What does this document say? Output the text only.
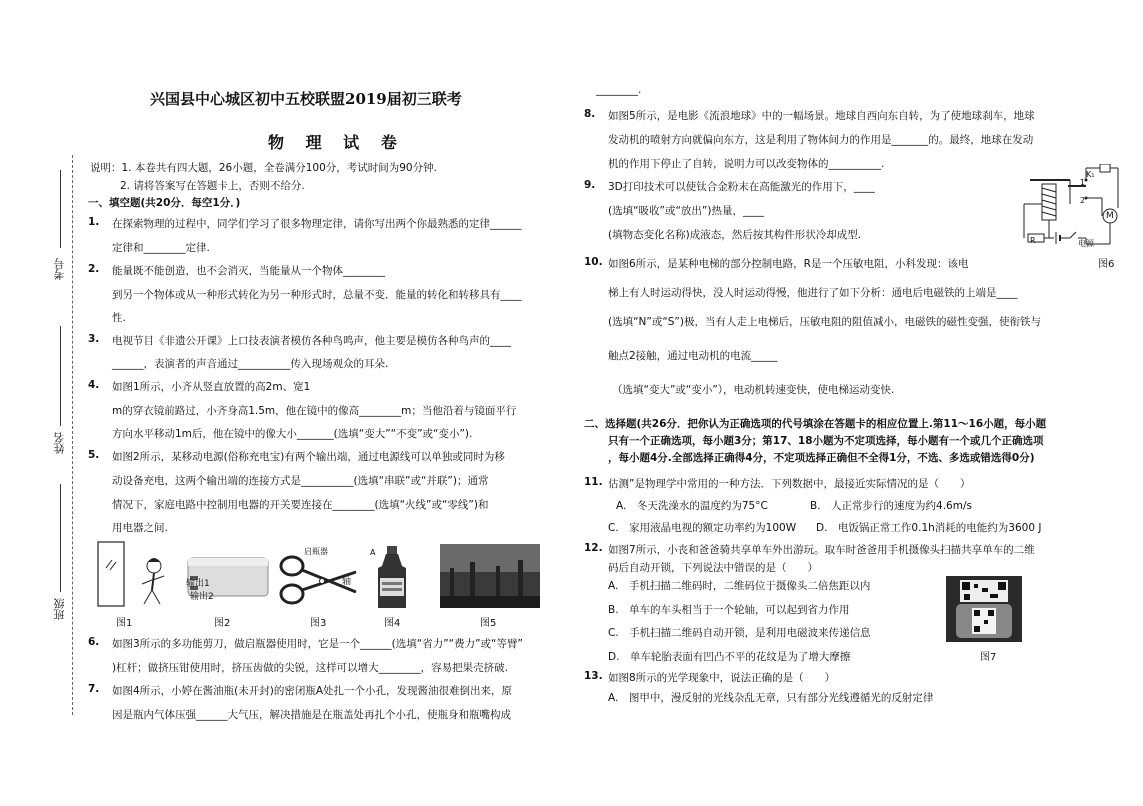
考号
姓名
班级
兴国县中心城区初中五校联盟2019届初三联考
物 理 试 卷
说明：1. 本卷共有四大题，26小题，全卷满分100分，考试时间为90分钟.
2. 请将答案写在答题卡上，否则不给分.
一、填空题(共20分．每空1分．)
1. 在探索物理的过程中，同学们学习了很多物理定律，请你写出两个你最熟悉的定律______
定律和________定律.
2. 能量既不能创造，也不会消灭，当能量从一个物体________
到另一个物体或从一种形式转化为另一种形式时，总量不变．能量的转化和转移具有____
性.
3. 电视节目《非遗公开课》上口技表演者模仿各种鸟鸣声，他主要是模仿各种鸟声的____
______，表演者的声音通过__________传入现场观众的耳朵.
4. 如图1所示，小齐从竖直放置的高2m、宽1
m的穿衣镜前路过，小齐身高1.5m，他在镜中的像高________m；当他沿着与镜面平行
方向水平移动1m后，他在镜中的像大小_______(选填“变大”“不变”或“变小”).
5. 如图2所示，某移动电源(俗称充电宝)有两个输出端，通过电源线可以单独或同时为移
动设备充电，这两个输出端的连接方式是__________(选填“串联”或“并联”)；通常
情况下，家庭电路中控制用电器的开关要连接在________(选填“火线”或“零线”)和
用电器之间.
图1
输出1
输出2
图2
启瓶器
轴
图3
A
图4	图5
6. 如图3所示的多功能剪刀，做启瓶器使用时，它是一个______(选填“省力”“费力”或“等臂”
)杠杆；做挤压钳使用时，挤压齿做的尖锐，这样可以增大________，容易把果壳挤破.
7. 如图4所示，小婷在酱油瓶(未开封)的密闭瓶A处扎一个小孔，发现酱油很难倒出来，原
因是瓶内气体压强______大气压，解决措施是在瓶盖处再扎个小孔，使瓶身和瓶嘴构成
________.
8. 如图5所示，是电影《流浪地球》中的一幅场景。地球自西向东自转，为了使地球刹车，地球
发动机的喷射方向就偏向东方，这是利用了物体间力的作用是_______的。最终，地球在发动
机的作用下停止了自转，说明力可以改变物体的__________.
9. 3D打印技术可以使钛合金粉末在高能激光的作用下，____
(选填“吸收”或“放出”)热量，____
(填物态变化名称)成液态，然后按其构件形状冷却成型.
K₁
1
2
M
R	电源
图6
10. 如图6所示，是某种电梯的部分控制电路，R是一个压敏电阻，小科发现：该电
梯上有人时运动得快，没人时运动得慢，他进行了如下分析：通电后电磁铁的上端是____
(选填“N”或“S”)极，当有人走上电梯后，压敏电阻的阻值减小，电磁铁的磁性变强，使衔铁与
触点2接触，通过电动机的电流_____
（选填“变大”或“变小”），电动机转速变快，使电梯运动变快.
二、选择题(共26分．把你认为正确选项的代号填涂在答题卡的相应位置上.第11～16小题，每小题
只有一个正确选项，每小题3分；第17、18小题为不定项选择，每小题有一个或几个正确选项
，每小题4分.全部选择正确得4分，不定项选择正确但不全得1分，不选、多选或错选得0分)
11. 估测”是物理学中常用的一种方法．下列数据中，最接近实际情况的是（　　）
A.　冬天洗澡水的温度约为75°C	B.　人正常步行的速度为约4.6m/s
C.　家用液晶电视的额定功率约为100W D.　电饭锅正常工作0.1h消耗的电能约为3600 J
12. 如图7所示，小丧和爸爸骑共享单车外出游玩。取车时爸爸用手机摄像头扫描共享单车的二维
码后自动开锁，下列说法中错误的是（　　）
A.　手机扫描二维码时，二维码位于摄像头二倍焦距以内
B.　单车的车头相当于一个轮轴，可以起到省力作用
C.　手机扫描二维码自动开锁，是利用电磁波来传递信息
D.　单车轮胎表面有凹凸不平的花纹是为了增大摩擦	图7
13. 如图8所示的光学现象中，说法正确的是（　　）
A.　图甲中，漫反射的光线杂乱无章，只有部分光线遵循光的反射定律
